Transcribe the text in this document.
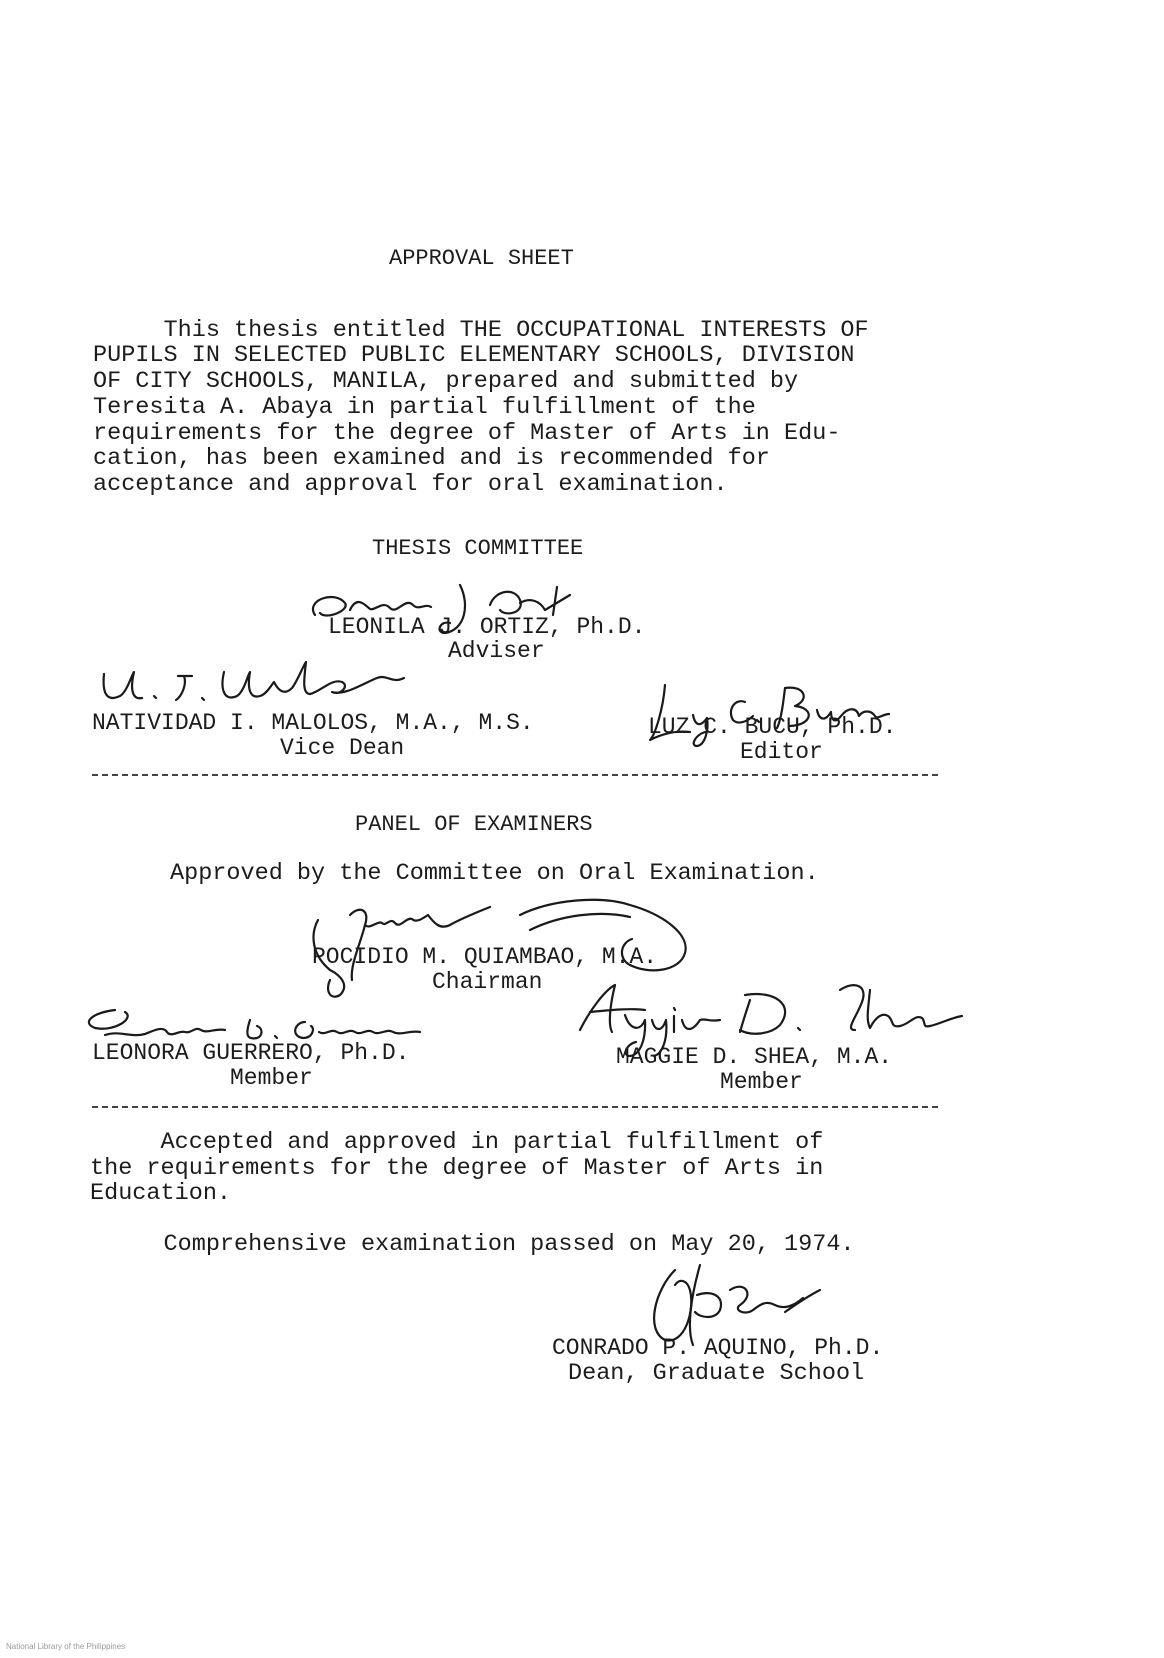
APPROVAL SHEET
This thesis entitled THE OCCUPATIONAL INTERESTS OF
PUPILS IN SELECTED PUBLIC ELEMENTARY SCHOOLS, DIVISION
OF CITY SCHOOLS, MANILA, prepared and submitted by
Teresita A. Abaya in partial fulfillment of the
requirements for the degree of Master of Arts in Edu-
cation, has been examined and is recommended for
acceptance and approval for oral examination.
THESIS COMMITTEE
LEONILA J. ORTIZ, Ph.D.
Adviser
NATIVIDAD I. MALOLOS, M.A., M.S.
Vice Dean
LUZ C. BUCU, Ph.D.
Editor
PANEL OF EXAMINERS
Approved by the Committee on Oral Examination.
POCIDIO M. QUIAMBAO, M.A.
Chairman
LEONORA GUERRERO, Ph.D.
Member
MAGGIE D. SHEA, M.A.
Member
Accepted and approved in partial fulfillment of
the requirements for the degree of Master of Arts in
Education.
Comprehensive examination passed on May 20, 1974.
CONRADO P. AQUINO, Ph.D.
Dean, Graduate School
National Library of the Philippines
